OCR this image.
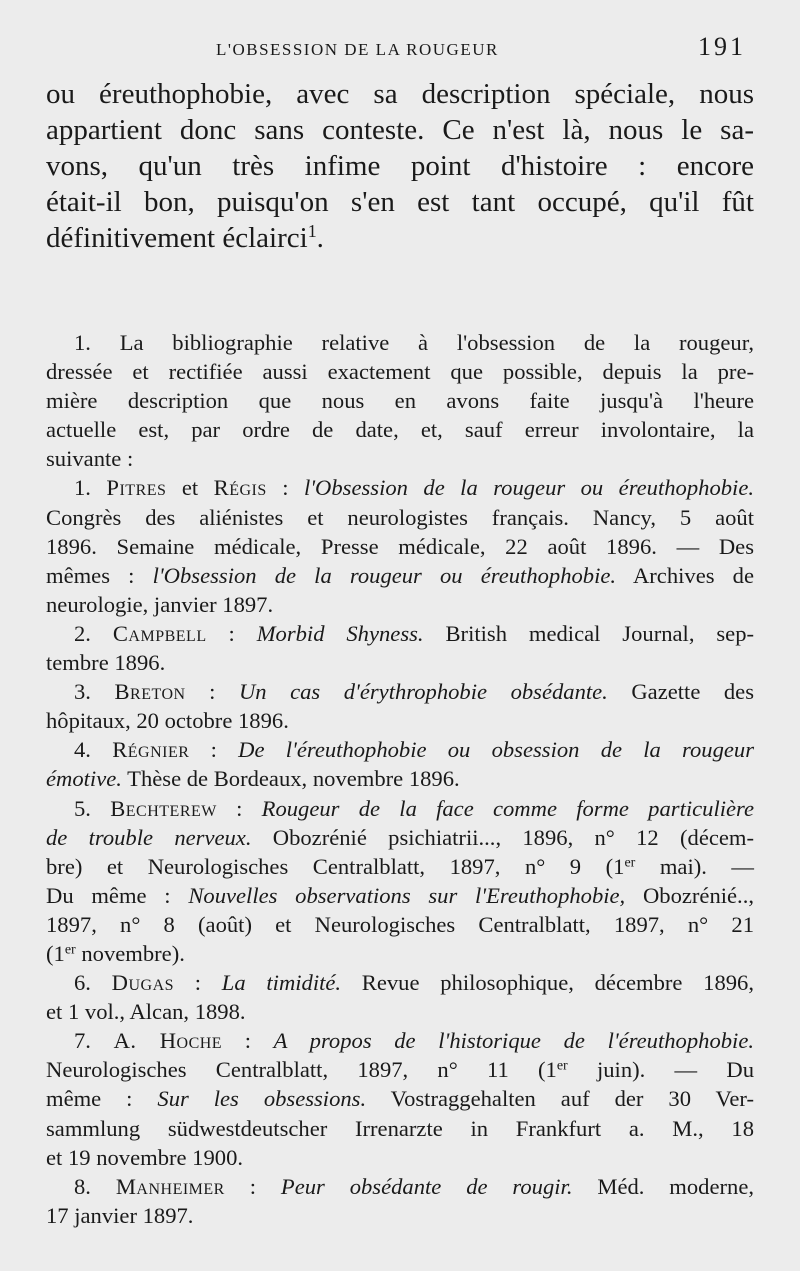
L'OBSESSION DE LA ROUGEUR	191
ou éreuthophobie, avec sa description spéciale, nous
appartient donc sans conteste. Ce n'est là, nous le sa-
vons, qu'un très infime point d'histoire : encore
était-il bon, puisqu'on s'en est tant occupé, qu'il fût
définitivement éclairci$^1$.
1. La bibliographie relative à l'obsession de la rougeur,
dressée et rectifiée aussi exactement que possible, depuis la pre-
mière description que nous en avons faite jusqu'à l'heure
actuelle est, par ordre de date, et, sauf erreur involontaire, la
suivante :
1. Pitres et Régis : l'Obsession de la rougeur ou éreuthophobie.
Congrès des aliénistes et neurologistes français. Nancy, 5 août
1896. Semaine médicale, Presse médicale, 22 août 1896. — Des
mêmes : l'Obsession de la rougeur ou éreuthophobie. Archives de
neurologie, janvier 1897.
2. Campbell : Morbid Shyness. British medical Journal, sep-
tembre 1896.
3. Breton : Un cas d'érythrophobie obsédante. Gazette des
hôpitaux, 20 octobre 1896.
4. Régnier : De l'éreuthophobie ou obsession de la rougeur
émotive. Thèse de Bordeaux, novembre 1896.
5. Bechterew : Rougeur de la face comme forme particulière
de trouble nerveux. Obozrénié psichiatrii..., 1896, n° 12 (décem-
bre) et Neurologisches Centralblatt, 1897, n° 9 (1er mai). —
Du même : Nouvelles observations sur l'Ereuthophobie, Obozrénié..,
1897, n° 8 (août) et Neurologisches Centralblatt, 1897, n° 21
(1er novembre).
6. Dugas : La timidité. Revue philosophique, décembre 1896,
et 1 vol., Alcan, 1898.
7. A. Hoche : A propos de l'historique de l'éreuthophobie.
Neurologisches Centralblatt, 1897, n° 11 (1er juin). — Du
même : Sur les obsessions. Vostraggehalten auf der 30 Ver-
sammlung südwestdeutscher Irrenarzte in Frankfurt a. M., 18
et 19 novembre 1900.
8. Manheimer : Peur obsédante de rougir. Méd. moderne,
17 janvier 1897.
